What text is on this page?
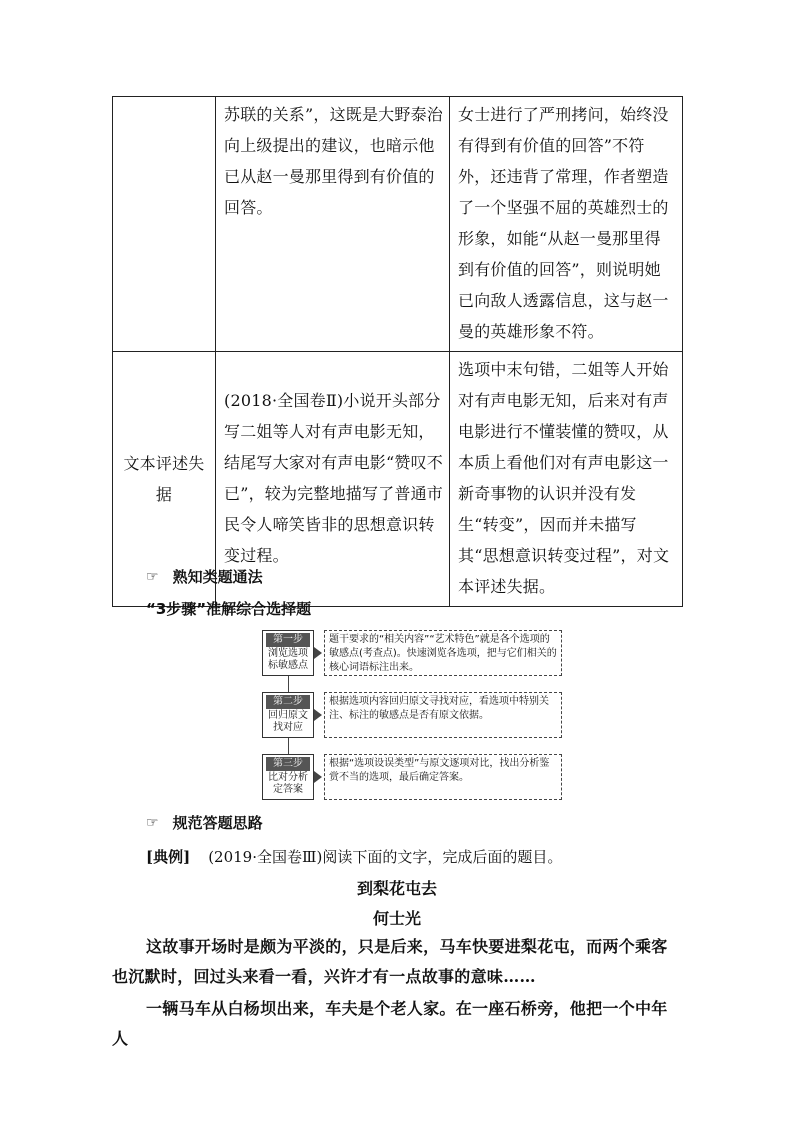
	苏联的关系”，这既是大野泰治向上级提出的建议，也暗示他已从赵一曼那里得到有价值的回答。	女士进行了严刑拷问，始终没有得到有价值的回答”不符外，还违背了常理，作者塑造了一个坚强不屈的英雄烈士的形象，如能“从赵一曼那里得到有价值的回答”，则说明她已向敌人透露信息，这与赵一曼的英雄形象不符。
文本评述失据	(2018·全国卷Ⅱ)小说开头部分写二姐等人对有声电影无知，结尾写大家对有声电影“赞叹不已”，较为完整地描写了普通市民令人啼笑皆非的思想意识转变过程。	选项中末句错，二姐等人开始对有声电影无知，后来对有声电影进行不懂装懂的赞叹，从本质上看他们对有声电影这一新奇事物的认识并没有发生“转变”，因而并未描写其“思想意识转变过程”，对文本评述失据。
☞ 熟知类题通法
“3步骤”准解综合选择题
第一步
浏览选项标敏感点
题干要求的“相关内容”“艺术特色”就是各个选项的敏感点(考查点)。快速浏览各选项，把与它们相关的核心词语标注出来。
第二步
回归原文找对应
根据选项内容回归原文寻找对应，看选项中特别关注、标注的敏感点是否有原文依据。
第三步
比对分析定答案
根据“选项设误类型”与原文逐项对比，找出分析鉴赏不当的选项，最后确定答案。
☞ 规范答题思路
[典例] (2019·全国卷Ⅲ)阅读下面的文字，完成后面的题目。
到梨花屯去
何士光
这故事开场时是颇为平淡的，只是后来，马车快要进梨花屯，而两个乘客也沉默时，回过头来看一看，兴许才有一点故事的意味……
一辆马车从白杨坝出来，车夫是个老人家。在一座石桥旁，他把一个中年人
